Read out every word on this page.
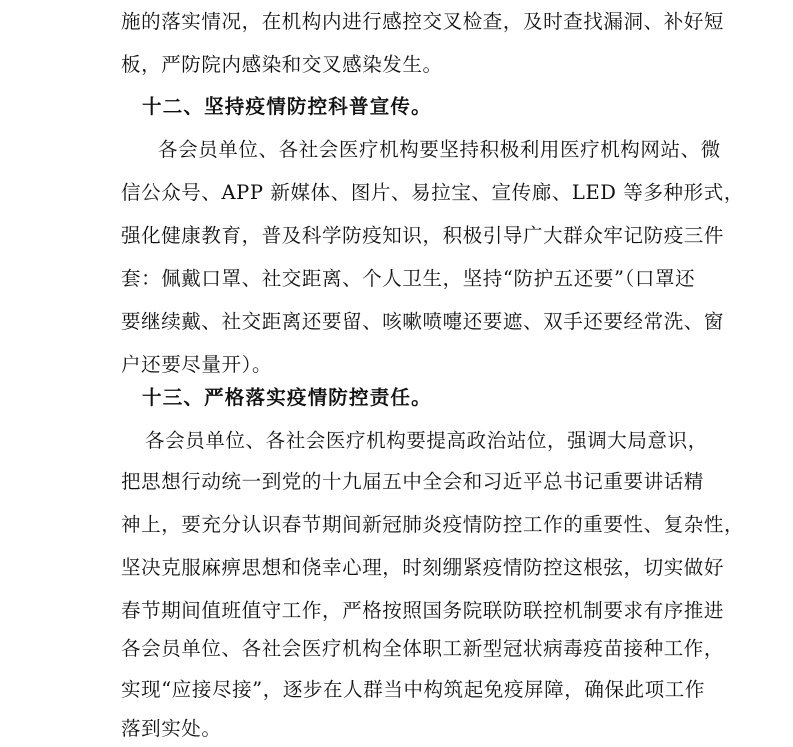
施的落实情况，在机构内进行感控交叉检查，及时查找漏洞、补好短
板，严防院内感染和交叉感染发生。
十二、坚持疫情防控科普宣传。
各会员单位、各社会医疗机构要坚持积极利用医疗机构网站、微
信公众号、APP 新媒体、图片、易拉宝、宣传廊、LED 等多种形式，
强化健康教育，普及科学防疫知识，积极引导广大群众牢记防疫三件
套：佩戴口罩、社交距离、个人卫生，坚持“防护五还要”（口罩还
要继续戴、社交距离还要留、咳嗽喷嚏还要遮、双手还要经常洗、窗
户还要尽量开）。
十三、严格落实疫情防控责任。
各会员单位、各社会医疗机构要提高政治站位，强调大局意识，
把思想行动统一到党的十九届五中全会和习近平总书记重要讲话精
神上，要充分认识春节期间新冠肺炎疫情防控工作的重要性、复杂性，
坚决克服麻痹思想和侥幸心理，时刻绷紧疫情防控这根弦，切实做好
春节期间值班值守工作，严格按照国务院联防联控机制要求有序推进
各会员单位、各社会医疗机构全体职工新型冠状病毒疫苗接种工作，
实现“应接尽接”，逐步在人群当中构筑起免疫屏障，确保此项工作
落到实处。
